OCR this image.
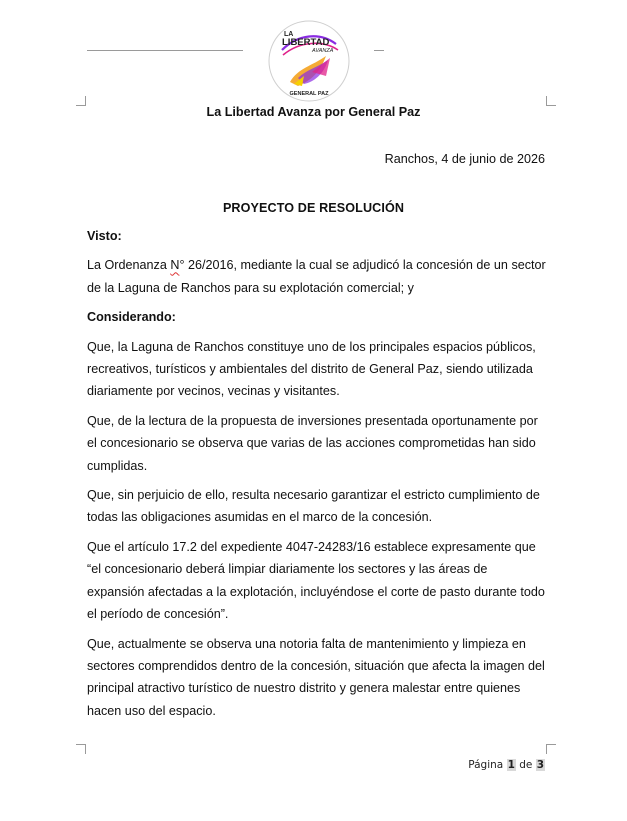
LA
LIBERTAD
AVANZA
GENERAL PAZ
La Libertad Avanza por General Paz
Ranchos, 4 de junio de 2026
PROYECTO DE RESOLUCIÓN

Visto:

La Ordenanza N° 26/2016, mediante la cual se adjudicó la concesión de un sector de la Laguna de Ranchos para su explotación comercial; y

Considerando:

Que, la Laguna de Ranchos constituye uno de los principales espacios públicos, recreativos, turísticos y ambientales del distrito de General Paz, siendo utilizada diariamente por vecinos, vecinas y visitantes.

Que, de la lectura de la propuesta de inversiones presentada oportunamente por el concesionario se observa que varias de las acciones comprometidas han sido cumplidas.

Que, sin perjuicio de ello, resulta necesario garantizar el estricto cumplimiento de todas las obligaciones asumidas en el marco de la concesión.

Que el artículo 17.2 del expediente 4047-24283/16 establece expresamente que “el concesionario deberá limpiar diariamente los sectores y las áreas de expansión afectadas a la explotación, incluyéndose el corte de pasto durante todo el período de concesión”.

Que, actualmente se observa una notoria falta de mantenimiento y limpieza en sectores comprendidos dentro de la concesión, situación que afecta la imagen del principal atractivo turístico de nuestro distrito y genera malestar entre quienes hacen uso del espacio.

Página 1 de 3
